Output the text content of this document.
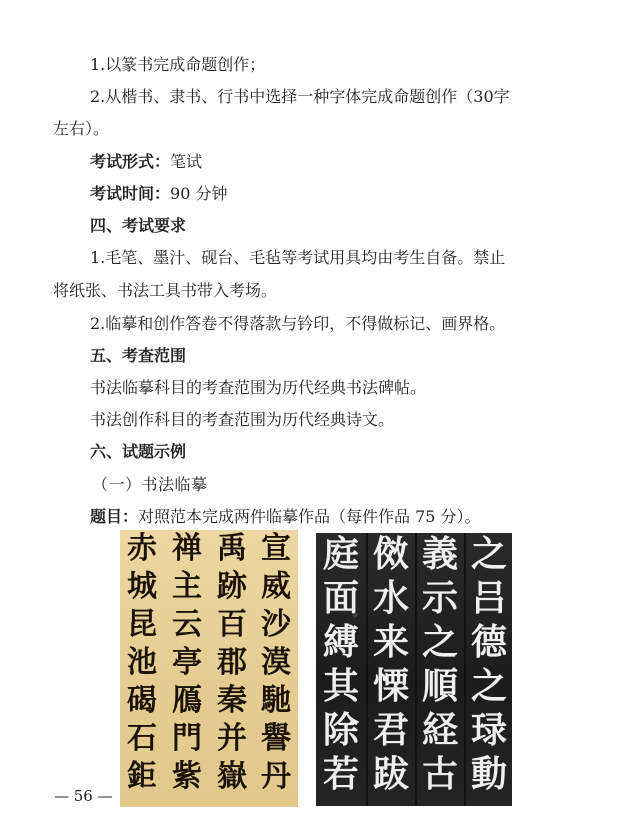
1.以篆书完成命题创作；
2.从楷书、隶书、行书中选择一种字体完成命题创作（30字
左右）。
考试形式：笔试
考试时间：90 分钟
四、考试要求
1.毛笔、墨汁、砚台、毛毡等考试用具均由考生自备。禁止
将纸张、书法工具书带入考场。
2.临摹和创作答卷不得落款与钤印，不得做标记、画界格。
五、考查范围
书法临摹科目的考查范围为历代经典书法碑帖。
书法创作科目的考查范围为历代经典诗文。
六、试题示例
（一）书法临摹
题目：对照范本完成两件临摹作品（每件作品 75 分）。
赤
城
昆
池
碣
石
鉅
禅
主
云
亭
鴈
門
紫
禹
跡
百
郡
秦
并
嶽
宣
威
沙
漠
馳
譽
丹
庭
面
縛
其
除
若
傚
水
来
慄
君
跋
義
示
之
順
経
古
之
吕
德
之
琭
動
— 56 —
